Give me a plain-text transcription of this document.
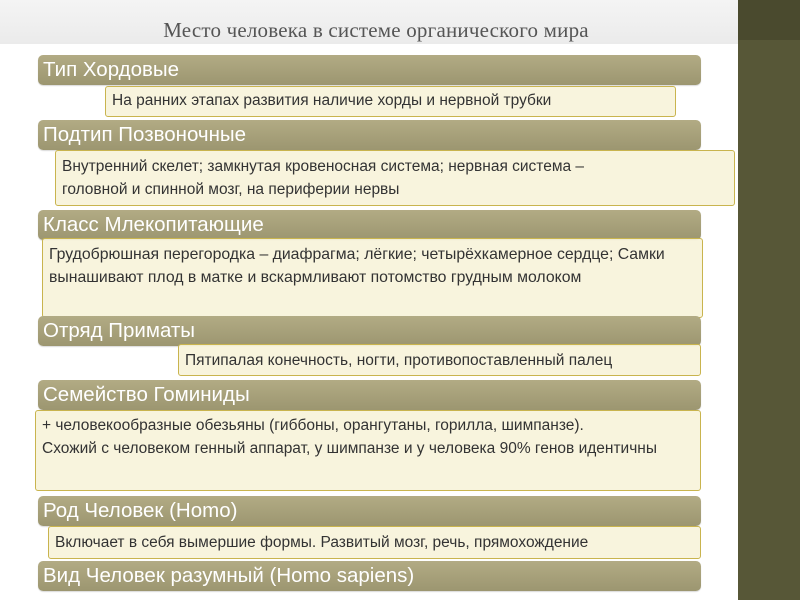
Место человека в системе органического мира
Тип Хордовые
На ранних этапах развития наличие хорды и нервной трубки
Подтип Позвоночные
Класс Млекопитающие
Внутренний скелет; замкнутая кровеносная система; нервная система –
головной и спинной мозг, на периферии нервы
Грудобрюшная перегородка – диафрагма; лёгкие; четырёхкамерное сердце; Самки вынашивают плод в матке и вскармливают потомство грудным молоком
Отряд Приматы
Семейство Гоминиды
Пятипалая конечность, ногти, противопоставленный палец
Род Человек (Homo)
+ человекообразные обезьяны (гиббоны, орангутаны, горилла, шимпанзе).
Схожий с человеком генный аппарат, у шимпанзе и у человека 90% генов идентичны
Вид Человек разумный (Homo sapiens)
Включает в себя вымершие формы. Развитый мозг, речь, прямохождение
